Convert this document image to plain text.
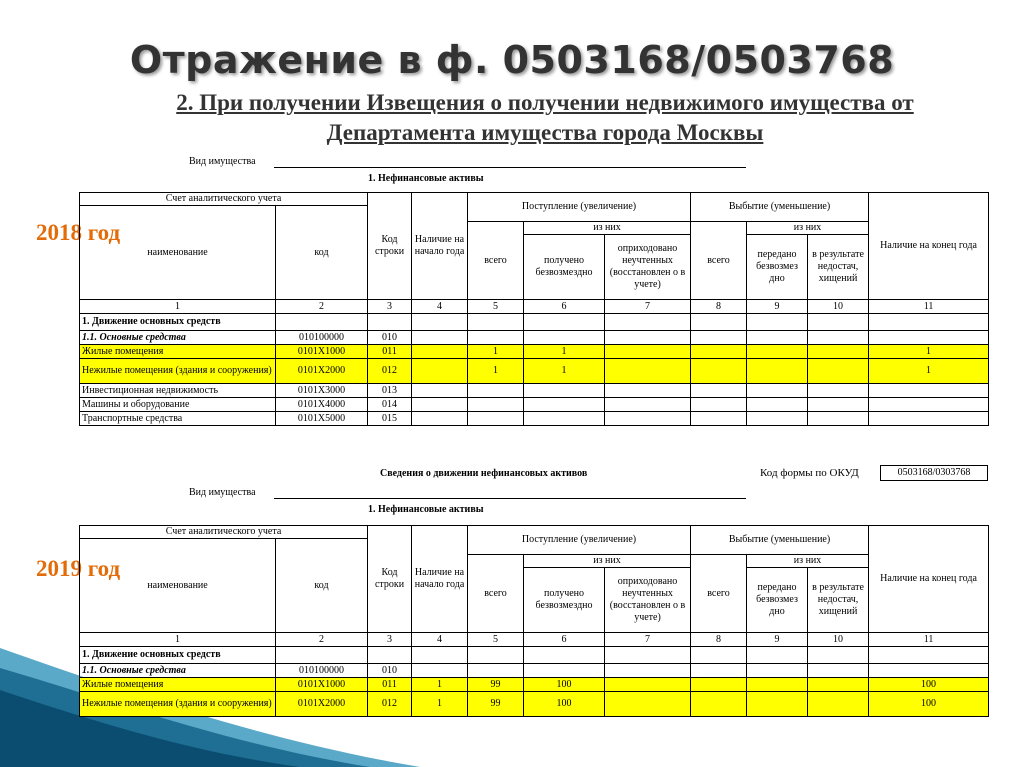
Отражение в ф. 0503168/0503768
2. При получении Извещения о получении недвижимого имущества от
Департамента имущества города Москвы
Вид имущества
1. Нефинансовые активы
2018 год
Счет аналитического учета		Код строки	Наличие на начало года	Поступление (увеличение)			Выбытие (уменьшение)			Наличие на конец года
наименование	код									
				всего	из них		всего	из них		
					получено безвозмездно	оприходовано неучтенных (восстановлен о в учете)		передано безвозмез дно	в результате недостач, хищений	
1	2	3	4	5	6	7	8	9	10	11
1. Движение основных средств										
1.1. Основные средства	010100000	010								
Жилые помещения	0101X1000	011		1	1					1
Нежилые помещения (здания и сооружения)	0101X2000	012		1	1					1
Инвестиционная недвижимость	0101X3000	013								
Машины и оборудование	0101X4000	014								
Транспортные средства	0101X5000	015								
Сведения о движении нефинансовых активов	Код формы по ОКУД	0503168/0303768
Вид имущества
1. Нефинансовые активы
2019 год
Счет аналитического учета		Код строки	Наличие на начало года	Поступление (увеличение)			Выбытие (уменьшение)			Наличие на конец года
наименование	код									
				всего	из них		всего	из них		
					получено безвозмездно	оприходовано неучтенных (восстановлен о в учете)		передано безвозмез дно	в результате недостач, хищений	
1	2	3	4	5	6	7	8	9	10	11
1. Движение основных средств										
1.1. Основные средства	010100000	010								
Жилые помещения	0101X1000	011	1	99	100					100
Нежилые помещения (здания и сооружения)	0101X2000	012	1	99	100					100
